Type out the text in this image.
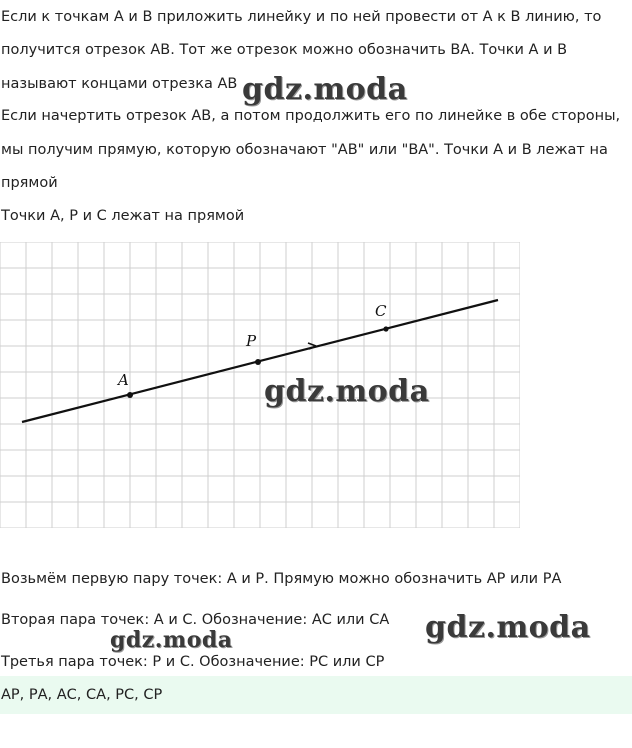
Если к точкам А и В приложить линейку и по ней провести от А к В линию, то

получится отрезок АВ. Тот же отрезок можно обозначить ВА. Точки А и В

называют концами отрезка АВ

Если начертить отрезок АВ, а потом продолжить его по линейке в обе стороны,

мы получим прямую, которую обозначают "АВ" или "ВА". Точки А и В лежат на

прямой

Точки А, Р и С лежат на прямой

A
P
C
gdz.moda
gdz.moda
gdz.moda
gdz.moda

Возьмём первую пару точек: А и Р. Прямую можно обозначить АР или РА

Вторая пара точек: А и С. Обозначение: АС или СА

Третья пара точек: Р и С. Обозначение: РС или СР

АР, РА, АС, СА, РС, СР
